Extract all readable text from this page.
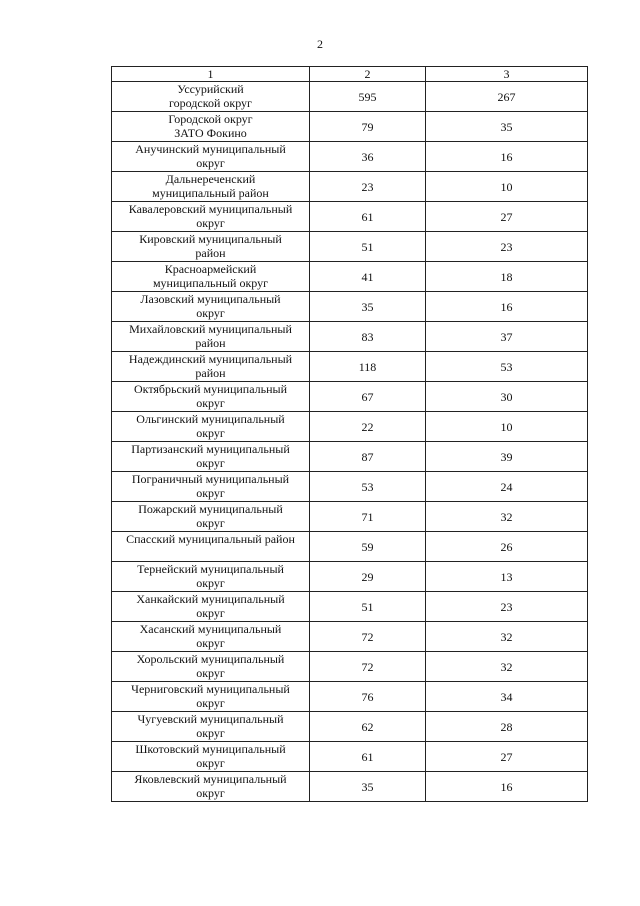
2
1	2	3

Уссурийский
городской округ	595	267

Городской округ
ЗАТО Фокино	79	35

Анучинский муниципальный
округ	36	16

Дальнереченский
муниципальный район	23	10

Кавалеровский муниципальный
округ	61	27

Кировский муниципальный
район	51	23

Красноармейский
муниципальный округ	41	18

Лазовский муниципальный
округ	35	16

Михайловский муниципальный
район	83	37

Надеждинский муниципальный
район	118	53

Октябрьский муниципальный
округ	67	30

Ольгинский муниципальный
округ	22	10

Партизанский муниципальный
округ	87	39

Пограничный муниципальный
округ	53	24

Пожарский муниципальный
округ	71	32

Спасский муниципальный район	59	26

Тернейский муниципальный
округ	29	13

Ханкайский муниципальный
округ	51	23

Хасанский муниципальный
округ	72	32

Хорольский муниципальный
округ	72	32

Черниговский муниципальный
округ	76	34

Чугуевский муниципальный
округ	62	28

Шкотовский муниципальный
округ	61	27

Яковлевский муниципальный
округ	35	16
